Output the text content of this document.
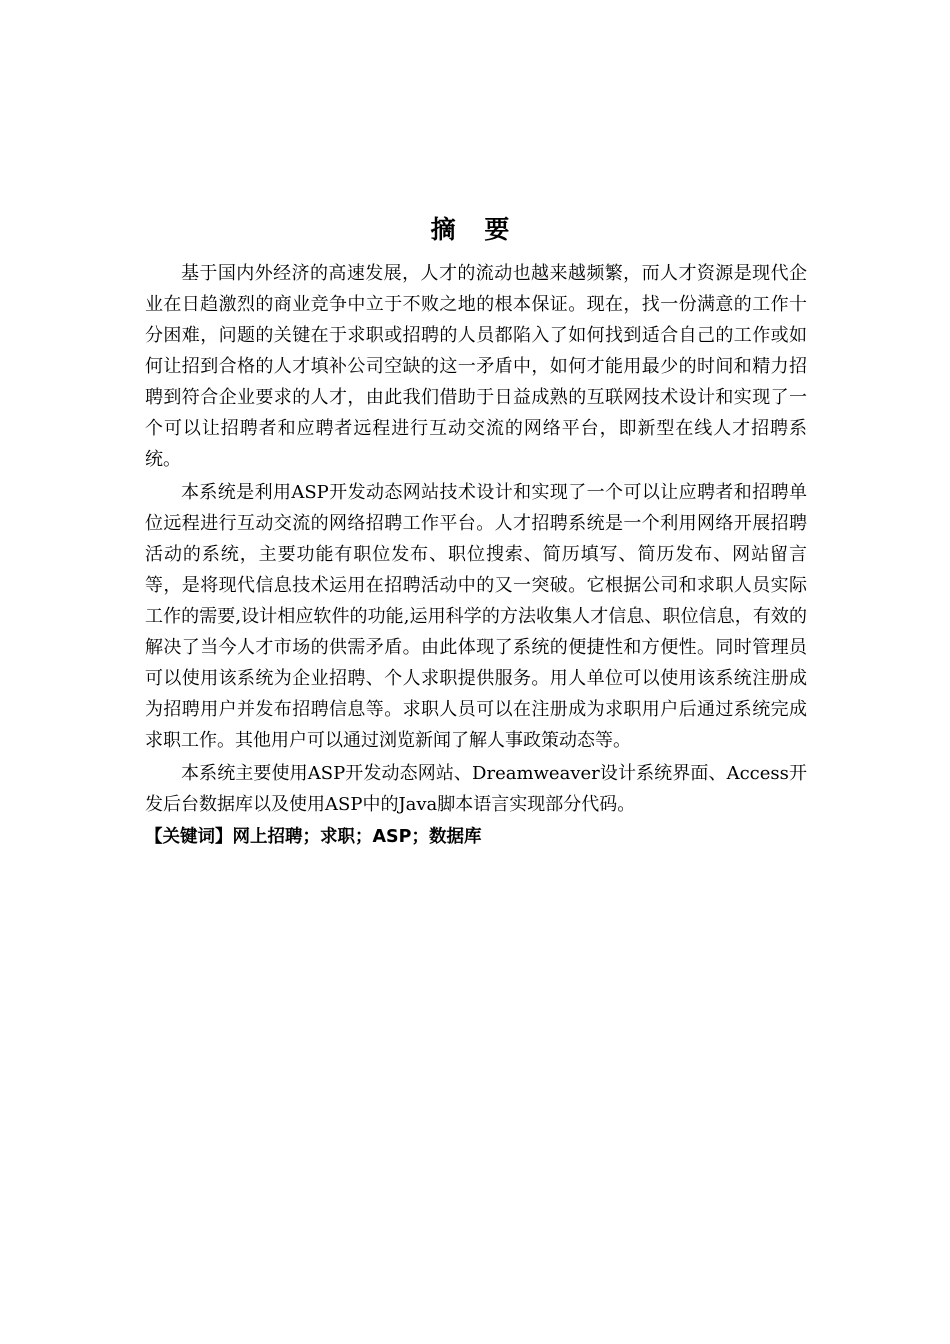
摘 要

基于国内外经济的高速发展，人才的流动也越来越频繁，而人才资源是现代企业在日趋激烈的商业竞争中立于不败之地的根本保证。现在，找一份满意的工作十分困难，问题的关键在于求职或招聘的人员都陷入了如何找到适合自己的工作或如何让招到合格的人才填补公司空缺的这一矛盾中，如何才能用最少的时间和精力招聘到符合企业要求的人才，由此我们借助于日益成熟的互联网技术设计和实现了一个可以让招聘者和应聘者远程进行互动交流的网络平台，即新型在线人才招聘系统。

本系统是利用ASP开发动态网站技术设计和实现了一个可以让应聘者和招聘单位远程进行互动交流的网络招聘工作平台。人才招聘系统是一个利用网络开展招聘活动的系统，主要功能有职位发布、职位搜索、简历填写、简历发布、网站留言等，是将现代信息技术运用在招聘活动中的又一突破。它根据公司和求职人员实际工作的需要,设计相应软件的功能,运用科学的方法收集人才信息、职位信息，有效的解决了当今人才市场的供需矛盾。由此体现了系统的便捷性和方便性。同时管理员可以使用该系统为企业招聘、个人求职提供服务。用人单位可以使用该系统注册成为招聘用户并发布招聘信息等。求职人员可以在注册成为求职用户后通过系统完成求职工作。其他用户可以通过浏览新闻了解人事政策动态等。

本系统主要使用ASP开发动态网站、Dreamweaver设计系统界面、Access开发后台数据库以及使用ASP中的Java脚本语言实现部分代码。

【关键词】网上招聘；求职；ASP；数据库
